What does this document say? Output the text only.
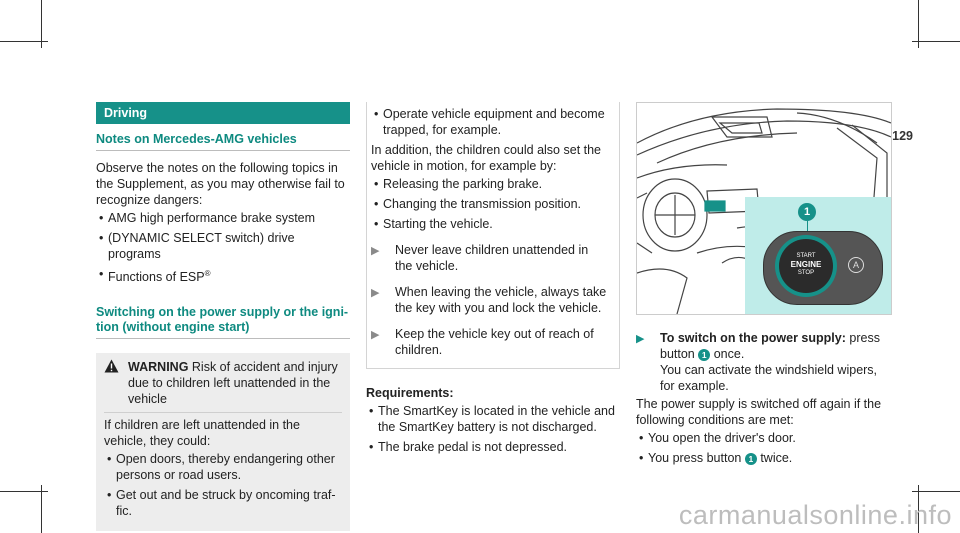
129
Driving
Notes on Mercedes-AMG vehicles

Observe the notes on the following topics in the Supplement, as you may otherwise fail to recognize dangers:

• AMG high performance brake system
• (DYNAMIC SELECT switch) drive programs
• Functions of ESP®
Switching on the power supply or the ignition (without engine start)

WARNING Risk of accident and injury due to children left unattended in the vehicle

If children are left unattended in the vehicle, they could:

• Open doors, thereby endangering other persons or road users.
• Get out and be struck by oncoming traffic.
• Operate vehicle equipment and become trapped, for example.

In addition, the children could also set the vehicle in motion, for example by:

• Releasing the parking brake.
• Changing the transmission position.
• Starting the vehicle.
▶	Never leave children unattended in the vehicle.

▶	When leaving the vehicle, always take the key with you and lock the vehicle.

▶	Keep the vehicle key out of reach of children.

Requirements:

• The SmartKey is located in the vehicle and the SmartKey battery is not discharged.
• The brake pedal is not depressed.
1
START
ENGINE
STOP
A
▶	To switch on the power supply: press button 1 once.

You can activate the windshield wipers, for example.

The power supply is switched off again if the following conditions are met:

• You open the driver's door.
• You press button 1 twice.
carmanualsonline.info
